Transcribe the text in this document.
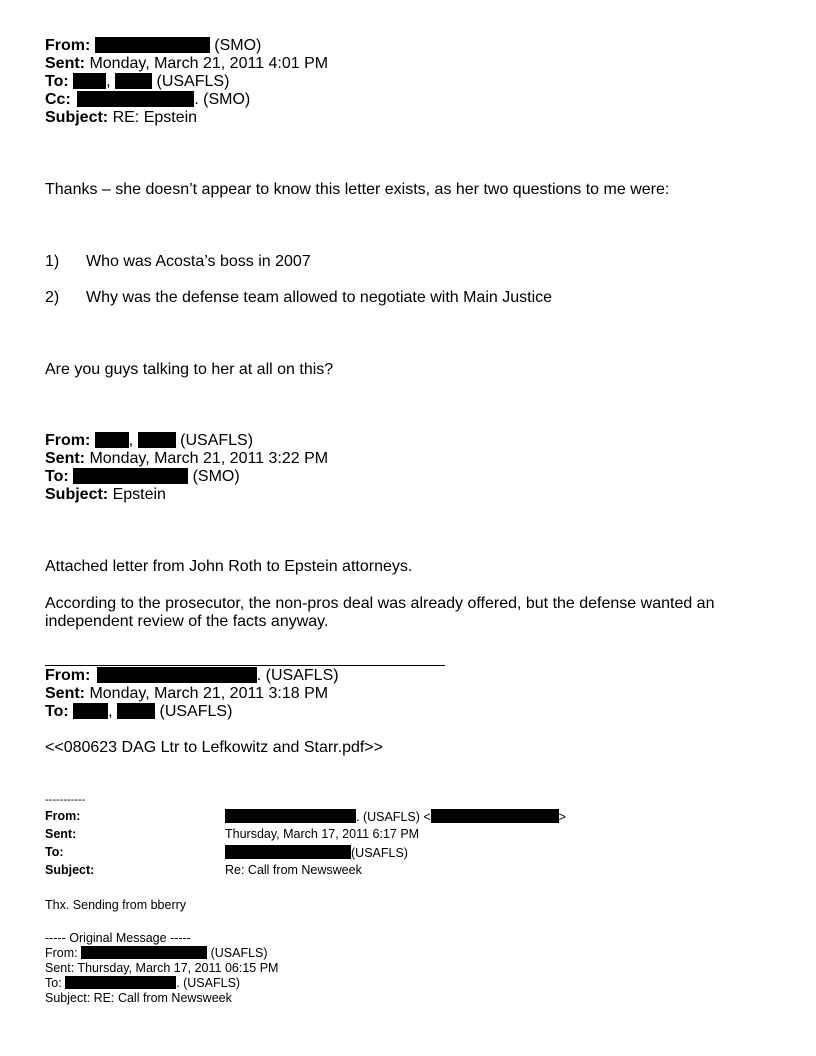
From:	(SMO)
Sent: Monday, March 21, 2011 4:01 PM
To: ,	(USAFLS)
Cc:	. (SMO)
Subject: RE: Epstein
Thanks – she doesn’t appear to know this letter exists, as her two questions to me were:
1) Who was Acosta’s boss in 2007
2) Why was the defense team allowed to negotiate with Main Justice
Are you guys talking to her at all on this?
From: ,	(USAFLS)
Sent: Monday, March 21, 2011 3:22 PM
To:	(SMO)
Subject: Epstein
Attached letter from John Roth to Epstein attorneys.
According to the prosecutor, the non-pros deal was already offered, but the defense wanted an
independent review of the facts anyway.
From:	. (USAFLS)
Sent: Monday, March 21, 2011 3:18 PM
To: ,	(USAFLS)
<<080623 DAG Ltr to Lefkowitz and Starr.pdf>>
-----------
From:	. (USAFLS) <	>
Sent:	Thursday, March 17, 2011 6:17 PM
To:	(USAFLS)
Subject:	Re: Call from Newsweek
Thx. Sending from bberry
----- Original Message -----
From:	(USAFLS)
Sent: Thursday, March 17, 2011 06:15 PM
To:	. (USAFLS)
Subject: RE: Call from Newsweek
